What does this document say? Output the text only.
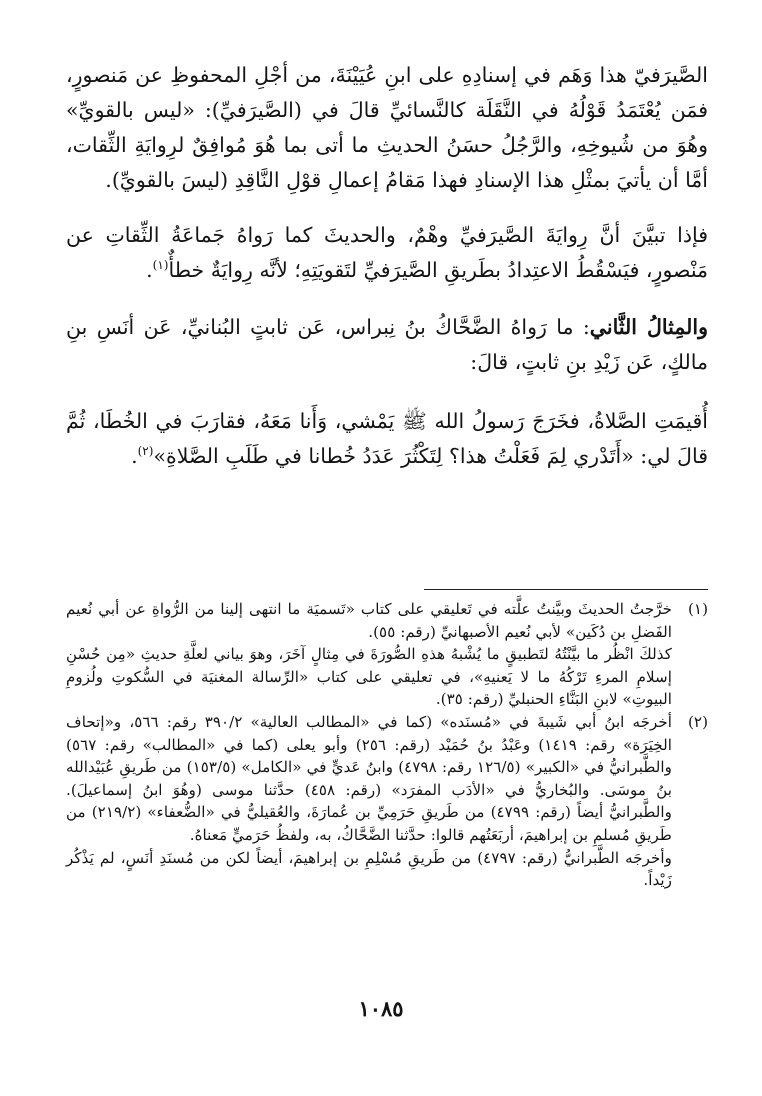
الصَّيرَفيّ هذا وَهَم في إسنادِهِ على ابنِ عُيَيْنَةَ، من أجْلِ المحفوظِ عن مَنصورٍ، فمَن يُعْتَمَدُ قَوْلُهُ في النَّقَلَة كالنَّسائيِّ قالَ في (الصَّيرَفيِّ): «ليس بالقويِّ» وهُوَ من شُيوخِهِ، والرَّجُلُ حسَنُ الحديثِ ما أتى بما هُوَ مُوافِقٌ لرِوايَةِ الثِّقات، أمَّا أن يأتيَ بمثْلِ هذا الإسنادِ فهذا مَقامُ إعمالِ قوْلِ النَّاقِدِ (ليسَ بالقويِّ).

فإذا تبيَّنَ أنَّ رِوايَةَ الصَّيرَفيِّ وهْمٌ، والحديثَ كما رَواهُ جَماعَةُ الثِّقاتِ عن مَنْصورٍ، فيَسْقُطُ الاعتِدادُ بطَريقِ الصَّيرَفيِّ لتَقويَتِهِ؛ لأنَّه رِوايَةٌ خطأٌ$^{(١)}$.

والمِثالُ الثَّاني: ما رَواهُ الضَّحَّاكُ بنُ نِبراس، عَن ثابتٍ البُنانيِّ، عَن أنَسِ بنِ مالكٍ، عَن زَيْدِ بنِ ثابتٍ، قالَ:

أُقيمَتِ الصَّلاةُ، فخَرَجَ رَسولُ الله ﷺ يَمْشي، وَأَنا مَعَهُ، فقارَبَ في الخُطَا، ثُمَّ قالَ لي: «أَتَدْري لِمَ فَعَلْتُ هذا؟ لِتَكْثُرَ عَدَدُ خُطانا في طَلَبِ الصَّلاةِ»$^{(٢)}$.

(١)

خرَّجتُ الحديثَ وبيَّنتُ علَّته في تَعليقي على كتاب «تَسميَة ما انتهى إلينا من الرُّواةِ عن أبي نُعيم الفَضلِ بن دُكَين» لأبي نُعيم الأصبهانيِّ (رقم: ٥٥).

كذلكَ انْظُر ما بيَّنْتُهُ لتَطبيقٍ ما يُشْبهُ هذهِ الصُّورَةَ في مِثالٍ آخَرَ، وهوَ بياني لعلَّةِ حديثِ «مِن حُسْنِ إسلامِ المرءِ تَرْكُهُ ما لا يَعنيهِ»، في تعليقي على كتاب «الرِّسالة المغنيَة في السُّكوتِ ولُزومِ البيوتِ» لابنِ البَنَّاءِ الحنبليِّ (رقم: ٣٥).

(٢)

أخرجَه ابنُ أبي شَيبةَ في «مُسنَده» (كما في «المطالب العالية» ٣٩٠/٢ رقم: ٥٦٦، و«إتحاف الخِيَرَة» رقم: ١٤١٩) وعَبْدُ بنُ حُمَيْد (رقم: ٢٥٦) وأبو يعلى (كما في «المطالب» رقم: ٥٦٧) والطَّبرانيُّ في «الكبير» (١٢٦/٥ رقم: ٤٧٩٨) وابنُ عَديٍّ في «الكامل» (١٥٣/٥) من طَريقِ عُبَيْدالله بنُ موسَى. والبُخاريُّ في «الأدَب المفرَد» (رقم: ٤٥٨) حدَّثنا موسى (وهُوَ ابنُ إسماعيلَ). والطَّبرانيُّ أيضاً (رقم: ٤٧٩٩) من طَريقِ حَرَمِيِّ بن عُمارَةَ، والعُقيليُّ في «الضُّعفاء» (٢١٩/٢) من طَريقِ مُسلمِ بن إبراهيمَ، أربَعَتُهم قالوا: حدَّثنا الضَّحَّاكُ، به، ولفظُ حَرَميٍّ مَعناهُ.

وأخرجَه الطَّبرانيُّ (رقم: ٤٧٩٧) من طَريقِ مُسْلِمِ بن إبراهيمَ، أيضاً لكن من مُسنَدِ أنَسٍ، لم يَذْكُر زَيْداً.

١٠٨٥
